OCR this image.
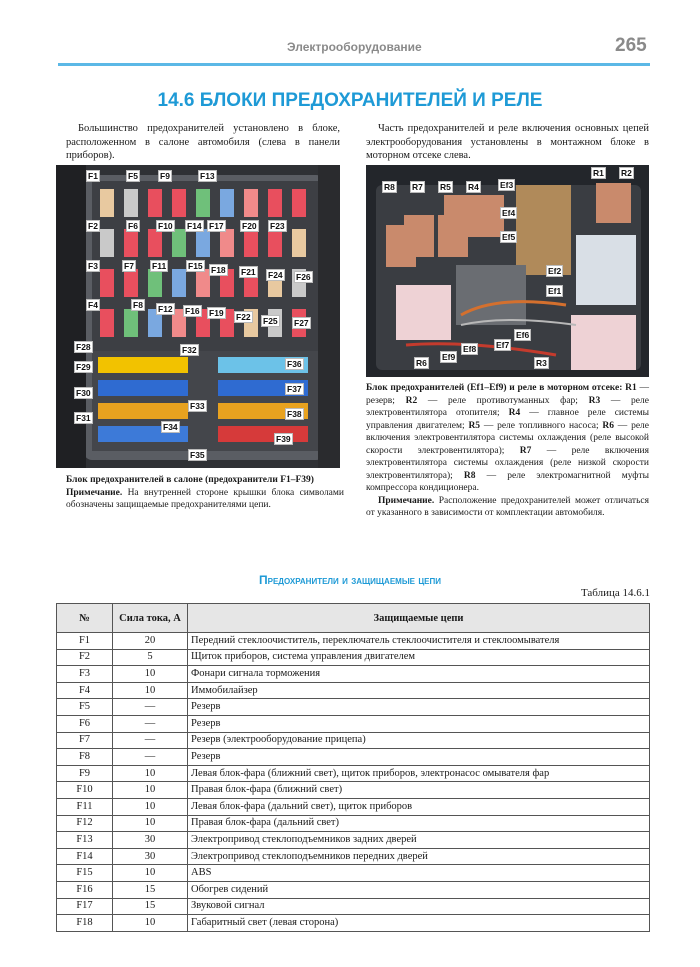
Электрооборудование	265
14.6 БЛОКИ ПРЕДОХРАНИТЕЛЕЙ И РЕЛЕ
Большинство предохранителей установлено в блоке, расположенном в салоне автомобиля (слева в панели приборов).
Часть предохранителей и реле включения основных цепей электрооборудования установлены в монтажном блоке в моторном отсеке слева.
F1	F5	F9	F13
F2	F6 F10 F14 F17 F20 F23
F3	F7 F11	F15 F18 F21 F24 F26
F4	F8 F12 F16 F19 F22 F25 F27
F28	F32
F29	F36
F30	F37
F31
F33
F38
F34
F39
F35
R8 R7 R5 R4 Ef3
R1 R2
Ef4
Ef5
Ef2
Ef1
Ef6
Ef7
Ef8
Ef9
R6	R3
Блок предохранителей в салоне (предохранители F1–F39)
Примечание. На внутренней стороне крышки блока символами обозначены защищаемые предохранителями цепи.
Блок предохранителей (Ef1–Ef9) и реле в моторном отсеке: R1 — резерв; R2 — реле противотуманных фар; R3 — реле электровентилятора отопителя; R4 — главное реле системы управления двигателем; R5 — реле топливного насоса; R6 — реле включения электровентилятора системы охлаждения (реле высокой скорости электровентилятора); R7 — реле включения электровентилятора системы охлаждения (реле низкой скорости электровентилятора); R8 — реле электромагнитной муфты компрессора кондиционера.
Примечание. Расположение предохранителей может отличаться от указанного в зависимости от комплектации автомобиля.
Предохранители и защищаемые цепи
Таблица 14.6.1
№	Сила тока, А	Защищаемые цепи
F1	20	Передний стеклоочиститель, переключатель стеклоочистителя и стеклоомывателя
F2	5	Щиток приборов, система управления двигателем
F3	10	Фонари сигнала торможения
F4	10	Иммобилайзер
F5	—	Резерв
F6	—	Резерв
F7	—	Резерв (электрооборудование прицепа)
F8	—	Резерв
F9	10	Левая блок-фара (ближний свет), щиток приборов, электронасос омывателя фар
F10	10	Правая блок-фара (ближний свет)
F11	10	Левая блок-фара (дальний свет), щиток приборов
F12	10	Правая блок-фара (дальний свет)
F13	30	Электропривод стеклоподъемников задних дверей
F14	30	Электропривод стеклоподъемников передних дверей
F15	10	ABS
F16	15	Обогрев сидений
F17	15	Звуковой сигнал
F18	10	Габаритный свет (левая сторона)
